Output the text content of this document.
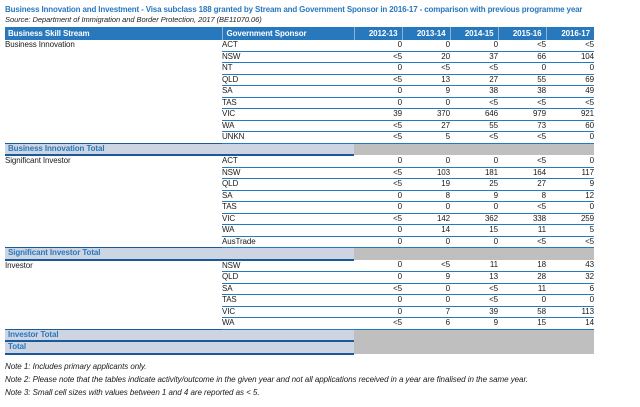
Business Innovation and Investment - Visa subclass 188 granted by Stream and Government Sponsor in 2016-17 - comparison with previous programme year
Source: Department of Immigration and Border Protection, 2017 (BE11070.06)
Business Skill Stream	Government Sponsor	2012-13	2013-14	2014-15	2015-16	2016-17
Business Innovation	ACT	0	0	0	<5	<5
	NSW	<5	20	37	66	104
	NT	0	<5	<5	0	0
	QLD	<5	13	27	55	69
	SA	0	9	38	38	49
	TAS	0	0	<5	<5	<5
	VIC	39	370	646	979	921
	WA	<5	27	55	73	60
	UNKN	<5	5	<5	<5	0
Business Innovation Total						
Significant Investor	ACT	0	0	0	<5	0
	NSW	<5	103	181	164	117
	QLD	<5	19	25	27	9
	SA	0	8	9	8	12
	TAS	0	0	0	<5	0
	VIC	<5	142	362	338	259
	WA	0	14	15	11	5
	AusTrade	0	0	0	<5	<5
Significant Investor Total						
Investor	NSW	0	<5	11	18	43
	QLD	0	9	13	28	32
	SA	<5	0	<5	11	6
	TAS	0	0	<5	0	0
	VIC	0	7	39	58	113
	WA	<5	6	9	15	14
Investor Total						
Total						
Note 1: Includes primary applicants only.
Note 2: Please note that the tables indicate activity/outcome in the given year and not all applications received in a year are finalised in the same year.
Note 3: Small cell sizes with values between 1 and 4 are reported as < 5.
